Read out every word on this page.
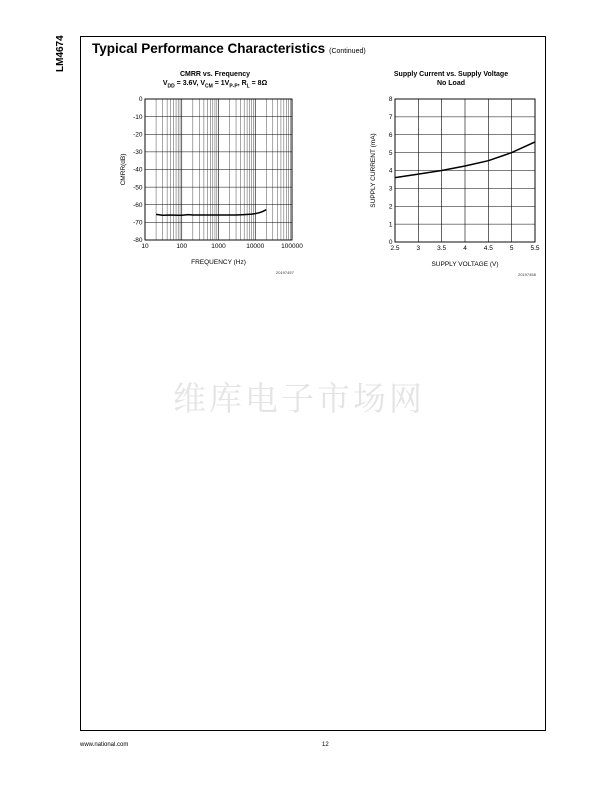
LM4674 Typical Performance Characteristics (Continued)
CMRR vs. Frequency
$V_{DD} = 3.6V$, $V_{CM} = 1V_{P-P}$, $R_L = 8\Omega$
Supply Current vs. Supply Voltage
No Load
10	100	1000	10000	100000
0
-10
-20
-30
-40
-50
-60
-70
-80
FREQUENCY (Hz)
CMRR(dB)
2.5	3	3.5	4	4.5	5	5.5
0
1
2
3
4
5
6
7
8
SUPPLY VOLTAGE (V)
SUPPLY CURRENT (mA)
20197457	20197458
维库电子市场网
www.national.com	12
